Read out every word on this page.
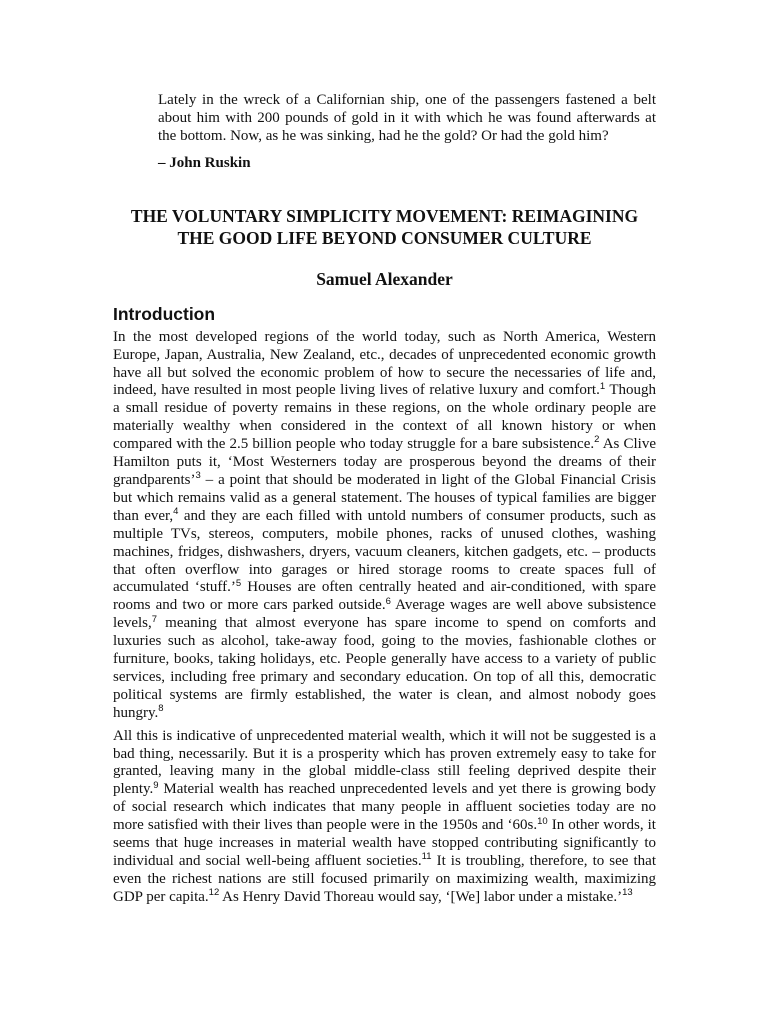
Lately in the wreck of a Californian ship, one of the passengers fastened a belt
about him with 200 pounds of gold in it with which he was found afterwards at
the bottom. Now, as he was sinking, had he the gold? Or had the gold him?
– John Ruskin
THE VOLUNTARY SIMPLICITY MOVEMENT: REIMAGINING
THE GOOD LIFE BEYOND CONSUMER CULTURE
Samuel Alexander
Introduction
In the most developed regions of the world today, such as North America, Western
Europe, Japan, Australia, New Zealand, etc., decades of unprecedented economic growth
have all but solved the economic problem of how to secure the necessaries of life and,
indeed, have resulted in most people living lives of relative luxury and comfort.$^1$ Though
a small residue of poverty remains in these regions, on the whole ordinary people are
materially wealthy when considered in the context of all known history or when
compared with the 2.5 billion people who today struggle for a bare subsistence.$^2$ As Clive
Hamilton puts it, ‘Most Westerners today are prosperous beyond the dreams of their
grandparents’$^3$ – a point that should be moderated in light of the Global Financial Crisis
but which remains valid as a general statement. The houses of typical families are bigger
than ever,$^4$ and they are each filled with untold numbers of consumer products, such as
multiple TVs, stereos, computers, mobile phones, racks of unused clothes, washing
machines, fridges, dishwashers, dryers, vacuum cleaners, kitchen gadgets, etc. – products
that often overflow into garages or hired storage rooms to create spaces full of
accumulated ‘stuff.’$^5$ Houses are often centrally heated and air-conditioned, with spare
rooms and two or more cars parked outside.$^6$ Average wages are well above subsistence
levels,$^7$ meaning that almost everyone has spare income to spend on comforts and
luxuries such as alcohol, take-away food, going to the movies, fashionable clothes or
furniture, books, taking holidays, etc. People generally have access to a variety of public
services, including free primary and secondary education. On top of all this, democratic
political systems are firmly established, the water is clean, and almost nobody goes
hungry.$^8$
All this is indicative of unprecedented material wealth, which it will not be suggested is a
bad thing, necessarily. But it is a prosperity which has proven extremely easy to take for
granted, leaving many in the global middle-class still feeling deprived despite their
plenty.$^9$ Material wealth has reached unprecedented levels and yet there is growing body
of social research which indicates that many people in affluent societies today are no
more satisfied with their lives than people were in the 1950s and ‘60s.$^{10}$ In other words, it
seems that huge increases in material wealth have stopped contributing significantly to
individual and social well-being affluent societies.$^{11}$ It is troubling, therefore, to see that
even the richest nations are still focused primarily on maximizing wealth, maximizing
GDP per capita.$^{12}$ As Henry David Thoreau would say, ‘[We] labor under a mistake.’$^{13}$
